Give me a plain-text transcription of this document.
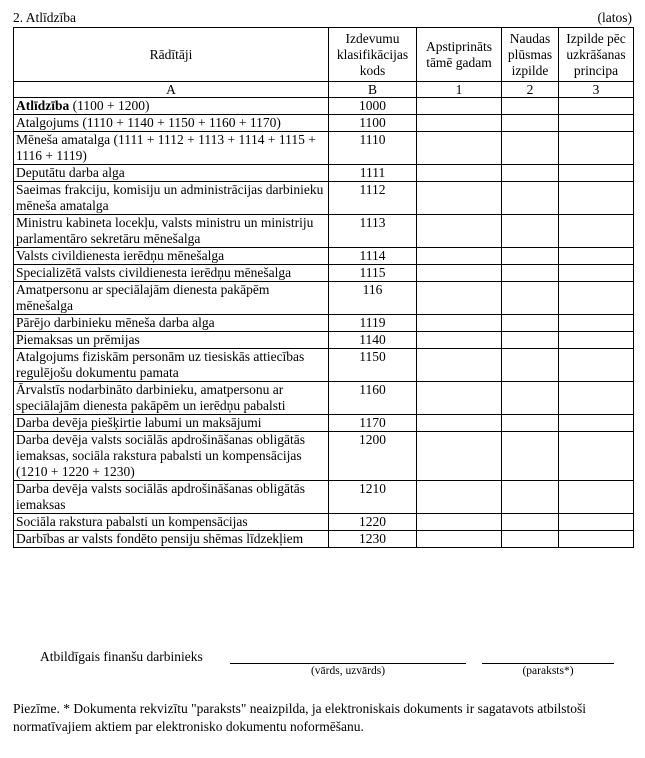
2. Atlīdzība	(latos)
Rādītāji	Izdevumu klasifikācijas kods	Apstiprināts tāmē gadam	Naudas plūsmas izpilde	Izpilde pēc uzkrāšanas principa
A	B	1	2	3
Atlīdzība (1100 + 1200)	1000			
Atalgojums (1110 + 1140 + 1150 + 1160 + 1170)	1100			
Mēneša amatalga (1111 + 1112 + 1113 + 1114 + 1115 + 1116 + 1119)	1110			
Deputātu darba alga	1111			
Saeimas frakciju, komisiju un administrācijas darbinieku mēneša amatalga	1112			
Ministru kabineta locekļu, valsts ministru un ministriju parlamentāro sekretāru mēnešalga	1113			
Valsts civildienesta ierēdņu mēnešalga	1114			
Specializētā valsts civildienesta ierēdņu mēnešalga	1115			
Amatpersonu ar speciālajām dienesta pakāpēm mēnešalga	116			
Pārējo darbinieku mēneša darba alga	1119			
Piemaksas un prēmijas	1140			
Atalgojums fiziskām personām uz tiesiskās attiecības regulējošu dokumentu pamata	1150			
Ārvalstīs nodarbināto darbinieku, amatpersonu ar speciālajām dienesta pakāpēm un ierēdņu pabalsti	1160			
Darba devēja piešķirtie labumi un maksājumi	1170			
Darba devēja valsts sociālās apdrošināšanas obligātās iemaksas, sociāla rakstura pabalsti un kompensācijas (1210 + 1220 + 1230)	1200			
Darba devēja valsts sociālās apdrošināšanas obligātās iemaksas	1210			
Sociāla rakstura pabalsti un kompensācijas	1220			
Darbības ar valsts fondēto pensiju shēmas līdzekļiem	1230			
Atbildīgais finanšu darbinieks
(vārds, uzvārds)	(paraksts*)
Piezīme. * Dokumenta rekvizītu "paraksts" neaizpilda, ja elektroniskais dokuments ir sagatavots atbilstoši normatīvajiem aktiem par elektronisko dokumentu noformēšanu.
